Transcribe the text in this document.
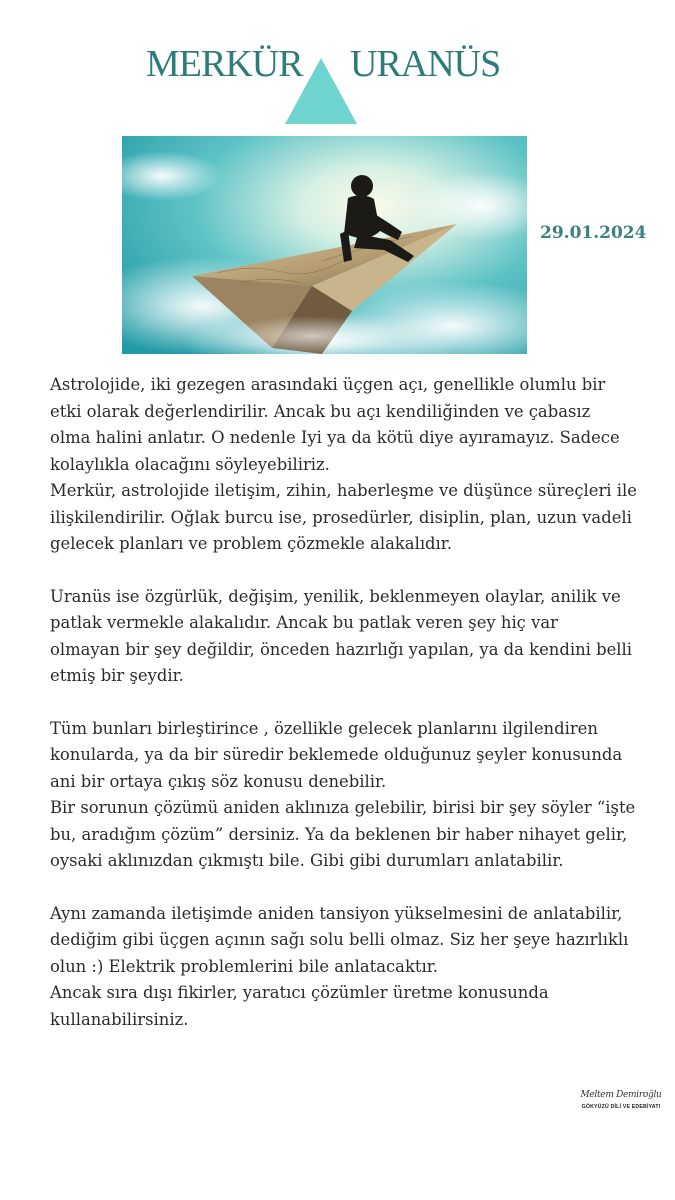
MERKÜR URANÜS
29.01.2024

Astrolojide, iki gezegen arasındaki üçgen açı, genellikle olumlu bir

etki olarak değerlendirilir. Ancak bu açı kendiliğinden ve çabasız

olma halini anlatır. O nedenle Iyi ya da kötü diye ayıramayız. Sadece

kolaylıkla olacağını söyleyebiliriz.

Merkür, astrolojide iletişim, zihin, haberleşme ve düşünce süreçleri ile

ilişkilendirilir. Oğlak burcu ise, prosedürler, disiplin, plan, uzun vadeli

gelecek planları ve problem çözmekle alakalıdır.

Uranüs ise özgürlük, değişim, yenilik, beklenmeyen olaylar, anilik ve

patlak vermekle alakalıdır. Ancak bu patlak veren şey hiç var

olmayan bir şey değildir, önceden hazırlığı yapılan, ya da kendini belli

etmiş bir şeydir.

Tüm bunları birleştirince , özellikle gelecek planlarını ilgilendiren

konularda, ya da bir süredir beklemede olduğunuz şeyler konusunda

ani bir ortaya çıkış söz konusu denebilir.

Bir sorunun çözümü aniden aklınıza gelebilir, birisi bir şey söyler “işte

bu, aradığım çözüm” dersiniz. Ya da beklenen bir haber nihayet gelir,

oysaki aklınızdan çıkmıştı bile. Gibi gibi durumları anlatabilir.

Aynı zamanda iletişimde aniden tansiyon yükselmesini de anlatabilir,

dediğim gibi üçgen açının sağı solu belli olmaz. Siz her şeye hazırlıklı

olun :) Elektrik problemlerini bile anlatacaktır.

Ancak sıra dışı fikirler, yaratıcı çözümler üretme konusunda

kullanabilirsiniz.

Meltem Demiroğlu
GÖKYÜZÜ DİLİ VE EDEBİYATI
